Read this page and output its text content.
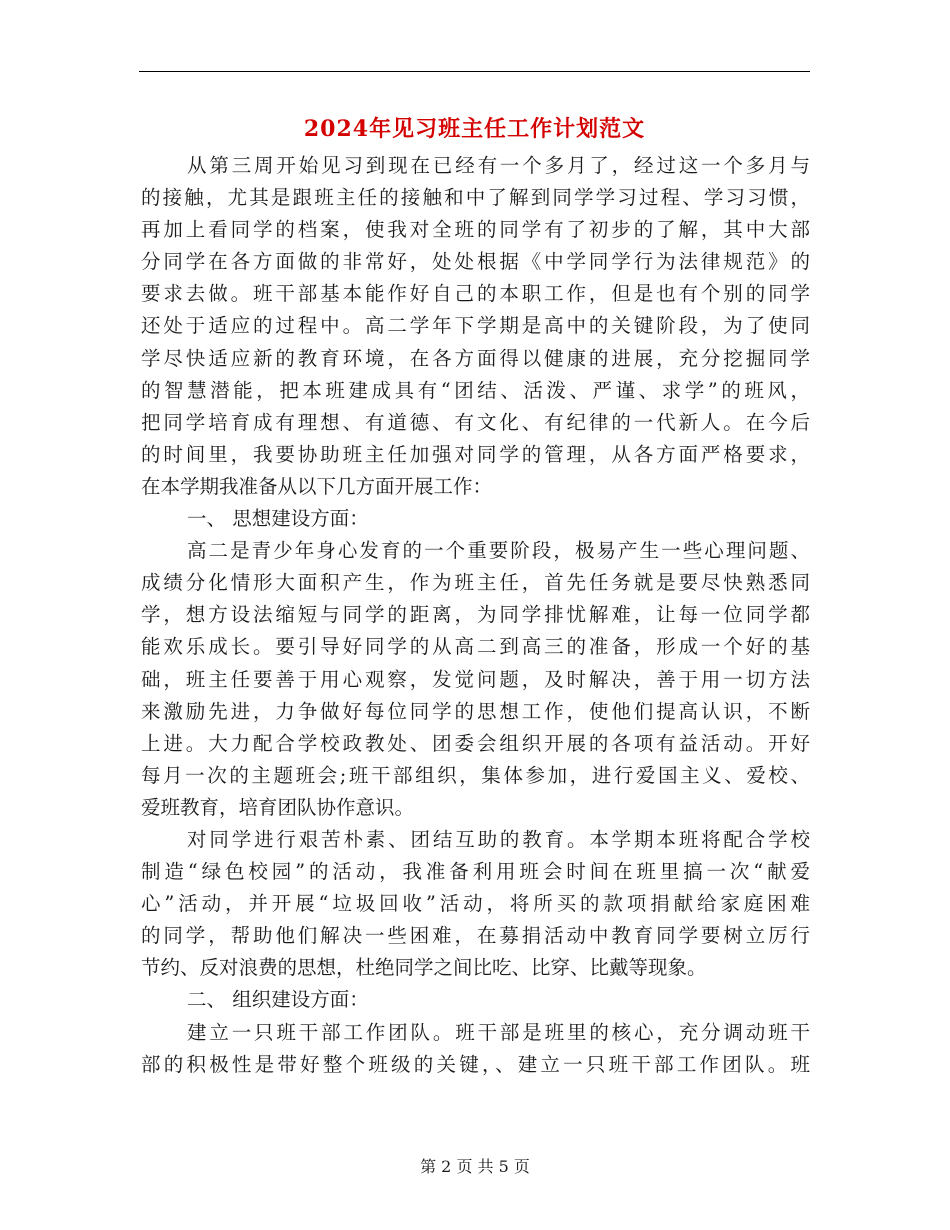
2024年见习班主任工作计划范文
从第三周开始见习到现在已经有一个多月了，经过这一个多月与
的接触，尤其是跟班主任的接触和中了解到同学学习过程、学习习惯，
再加上看同学的档案，使我对全班的同学有了初步的了解，其中大部
分同学在各方面做的非常好，处处根据《中学同学行为法律规范》的
要求去做。班干部基本能作好自己的本职工作，但是也有个别的同学
还处于适应的过程中。高二学年下学期是高中的关键阶段，为了使同
学尽快适应新的教育环境，在各方面得以健康的进展，充分挖掘同学
的智慧潜能，把本班建成具有“团结、活泼、严谨、求学”的班风，
把同学培育成有理想、有道德、有文化、有纪律的一代新人。在今后
的时间里，我要协助班主任加强对同学的管理，从各方面严格要求，
在本学期我准备从以下几方面开展工作：
一、 思想建设方面：
高二是青少年身心发育的一个重要阶段，极易产生一些心理问题、
成绩分化情形大面积产生，作为班主任，首先任务就是要尽快熟悉同
学，想方设法缩短与同学的距离，为同学排忧解难，让每一位同学都
能欢乐成长。要引导好同学的从高二到高三的准备，形成一个好的基
础，班主任要善于用心观察，发觉问题，及时解决，善于用一切方法
来激励先进，力争做好每位同学的思想工作，使他们提高认识，不断
上进。大力配合学校政教处、团委会组织开展的各项有益活动。开好
每月一次的主题班会;班干部组织，集体参加，进行爱国主义、爱校、
爱班教育，培育团队协作意识。
对同学进行艰苦朴素、团结互助的教育。本学期本班将配合学校
制造“绿色校园”的活动，我准备利用班会时间在班里搞一次“献爱
心”活动，并开展“垃圾回收”活动，将所买的款项捐献给家庭困难
的同学，帮助他们解决一些困难，在募捐活动中教育同学要树立厉行
节约、反对浪费的思想，杜绝同学之间比吃、比穿、比戴等现象。
二、 组织建设方面：
建立一只班干部工作团队。班干部是班里的核心，充分调动班干
部的积极性是带好整个班级的关键，、建立一只班干部工作团队。班

第 2 页 共 5 页
